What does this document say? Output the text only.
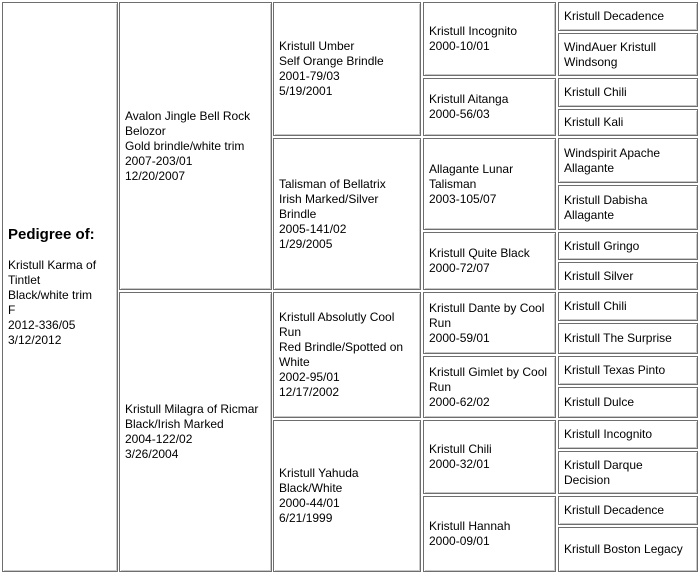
Pedigree of:
Kristull Karma of Tintlet
Black/white trim
F
2012-336/05
3/12/2012
Avalon Jingle Bell Rock Belozor
Gold brindle/white trim
2007-203/01
12/20/2007
Kristull Milagra of Ricmar
Black/Irish Marked
2004-122/02
3/26/2004
Kristull Umber
Self Orange Brindle
2001-79/03
5/19/2001
Talisman of Bellatrix
Irish Marked/Silver Brindle
2005-141/02
1/29/2005
Kristull Absolutly Cool Run
Red Brindle/Spotted on White
2002-95/01
12/17/2002
Kristull Yahuda
Black/White
2000-44/01
6/21/1999
Kristull Incognito
2000-10/01
Kristull Aitanga
2000-56/03
Allagante Lunar Talisman
2003-105/07
Kristull Quite Black
2000-72/07
Kristull Dante by Cool Run
2000-59/01
Kristull Gimlet by Cool Run
2000-62/02
Kristull Chili
2000-32/01
Kristull Hannah
2000-09/01
Kristull Decadence
WindAuer Kristull Windsong
Kristull Chili
Kristull Kali
Windspirit Apache Allagante
Kristull Dabisha Allagante
Kristull Gringo
Kristull Silver
Kristull Chili
Kristull The Surprise
Kristull Texas Pinto
Kristull Dulce
Kristull Incognito
Kristull Darque Decision
Kristull Decadence
Kristull Boston Legacy
